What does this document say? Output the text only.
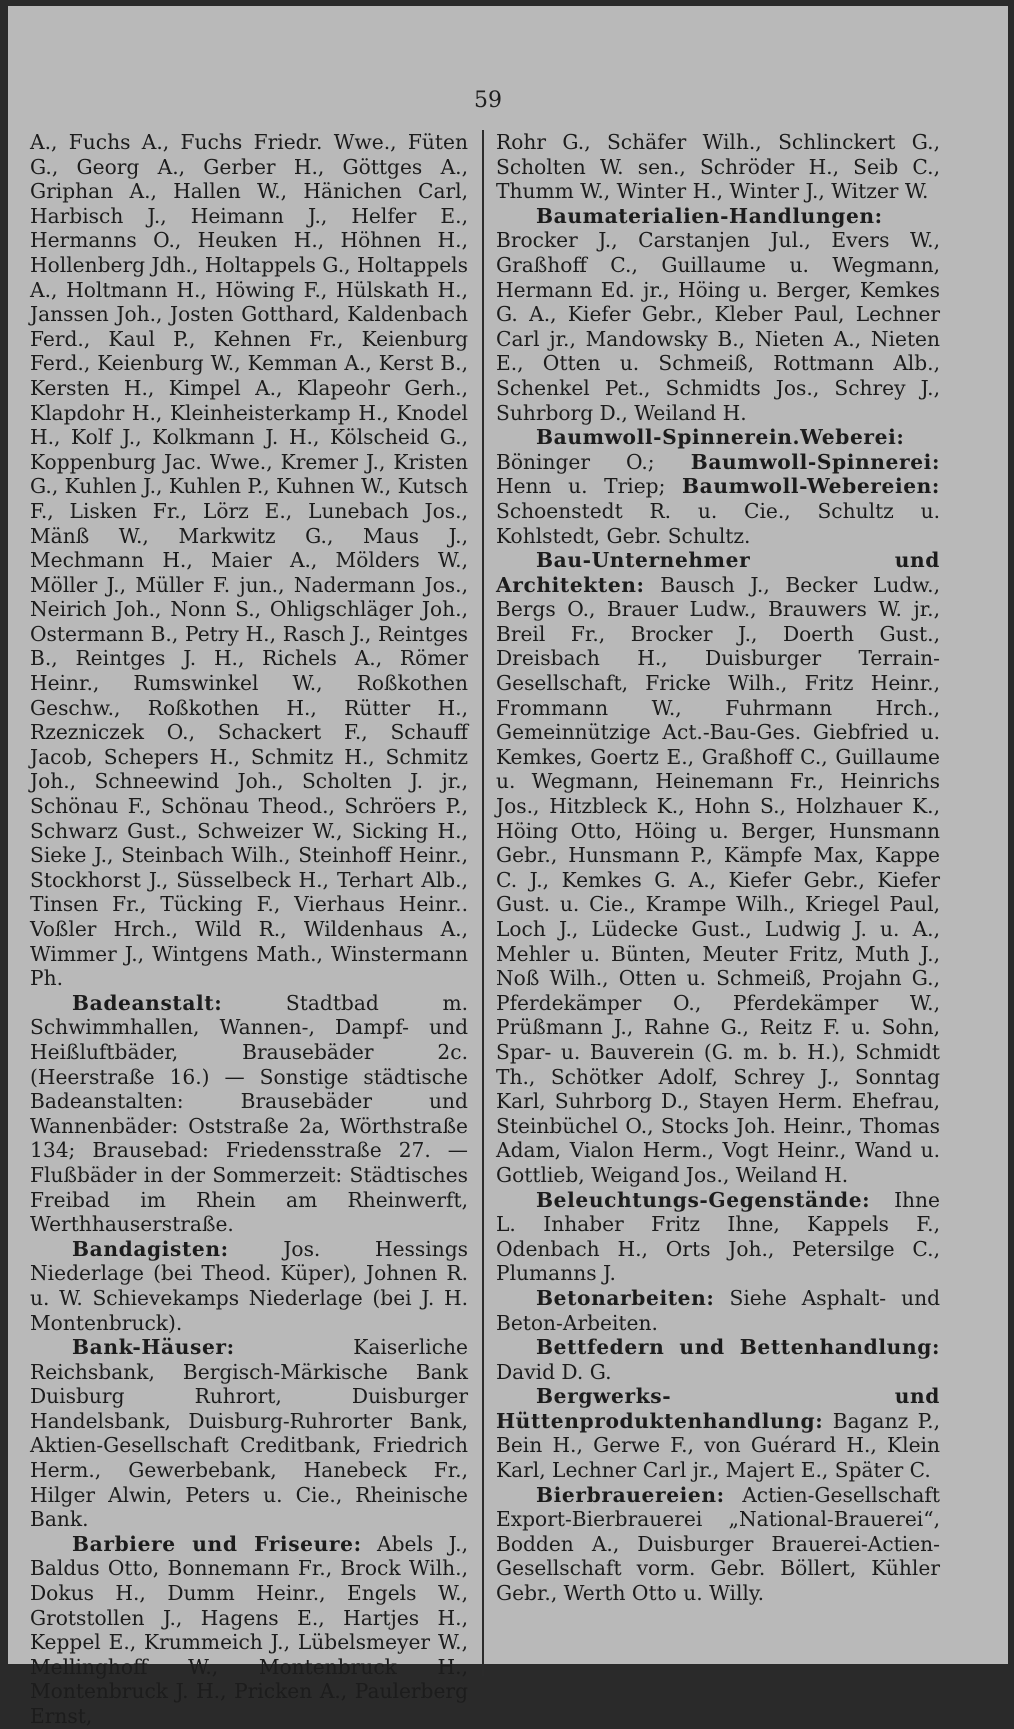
59

A., Fuchs A., Fuchs Friedr. Wwe., Füten G., Georg A., Gerber H., Göttges A., Griphan A., Hallen W., Hänichen Carl, Harbisch J., Heimann J., Helfer E., Hermanns O., Heuken H., Höhnen H., Hollenberg Jdh., Holtappels G., Holtappels A., Holtmann H., Höwing F., Hülskath H., Janssen Joh., Josten Gotthard, Kaldenbach Ferd., Kaul P., Kehnen Fr., Keienburg Ferd., Keienburg W., Kemman A., Kerst B., Kersten H., Kimpel A., Klapeohr Gerh., Klapdohr H., Kleinheisterkamp H., Knodel H., Kolf J., Kolkmann J. H., Kölscheid G., Koppenburg Jac. Wwe., Kremer J., Kristen G., Kuhlen J., Kuhlen P., Kuhnen W., Kutsch F., Lisken Fr., Lörz E., Lunebach Jos., Mänß W., Markwitz G., Maus J., Mechmann H., Maier A., Mölders W., Möller J., Müller F. jun., Nadermann Jos., Neirich Joh., Nonn S., Ohligschläger Joh., Ostermann B., Petry H., Rasch J., Reintges B., Reintges J. H., Richels A., Römer Heinr., Rumswinkel W., Roßkothen Geschw., Roßkothen H., Rütter H., Rzezniczek O., Schackert F., Schauff Jacob, Schepers H., Schmitz H., Schmitz Joh., Schneewind Joh., Scholten J. jr., Schönau F., Schönau Theod., Schröers P., Schwarz Gust., Schweizer W., Sicking H., Sieke J., Steinbach Wilh., Steinhoff Heinr., Stockhorst J., Süsselbeck H., Terhart Alb., Tinsen Fr., Tücking F., Vierhaus Heinr.. Voßler Hrch., Wild R., Wildenhaus A., Wimmer J., Wintgens Math., Winstermann Ph.

Badeanstalt:	Stadtbad m. Schwimmhallen, Wannen-, Dampf- und Heißluftbäder, Brausebäder 2c. (Heerstraße 16.) — Sonstige städtische Badeanstalten: Brausebäder und Wannenbäder: Oststraße 2a, Wörthstraße 134; Brausebad: Friedensstraße 27. — Flußbäder in der Sommerzeit: Städtisches Freibad im Rhein am Rheinwerft, Werthhauserstraße.

Bandagisten:	Jos. Hessings Niederlage (bei Theod. Küper), Johnen R. u. W. Schievekamps Niederlage (bei J. H. Montenbruck).

Bank-Häuser:	Kaiserliche Reichsbank, Bergisch-Märkische Bank Duisburg Ruhrort, Duisburger Handelsbank, Duisburg-Ruhrorter Bank, Aktien-Gesellschaft Creditbank, Friedrich Herm., Gewerbebank, Hanebeck Fr., Hilger Alwin, Peters u. Cie., Rheinische Bank.

Barbiere und Friseure: Abels J., Baldus Otto, Bonnemann Fr., Brock Wilh., Dokus H., Dumm Heinr., Engels W., Grotstollen J., Hagens E., Hartjes H., Keppel E., Krummeich J., Lübelsmeyer W., Mellinghoff W., Montenbruck H., Montenbruck J. H., Pricken A., Paulerberg Ernst,

Rohr G., Schäfer Wilh., Schlinckert G., Scholten W. sen., Schröder H., Seib C., Thumm W., Winter H., Winter J., Witzer W.

Baumaterialien-Handlungen: Brocker J., Carstanjen Jul., Evers W., Graßhoff C., Guillaume u. Wegmann, Hermann Ed. jr., Höing u. Berger, Kemkes G. A., Kiefer Gebr., Kleber Paul, Lechner Carl jr., Mandowsky B., Nieten A., Nieten E., Otten u. Schmeiß, Rottmann Alb., Schenkel Pet., Schmidts Jos., Schrey J., Suhrborg D., Weiland H.

Baumwoll-Spinnerein.Weberei: Böninger O.; Baumwoll-Spinnerei: Henn u. Triep; Baumwoll-Webereien: Schoenstedt R. u. Cie., Schultz u. Kohlstedt, Gebr. Schultz.

Bau-Unternehmer und Architekten: Bausch J., Becker Ludw., Bergs O., Brauer Ludw., Brauwers W. jr., Breil Fr., Brocker J., Doerth Gust., Dreisbach H., Duisburger Terrain-Gesellschaft, Fricke Wilh., Fritz Heinr., Frommann W., Fuhrmann Hrch., Gemeinnützige Act.-Bau-Ges. Giebfried u. Kemkes, Goertz E., Graßhoff C., Guillaume u. Wegmann, Heinemann Fr., Heinrichs Jos., Hitzbleck K., Hohn S., Holzhauer K., Höing Otto, Höing u. Berger, Hunsmann Gebr., Hunsmann P., Kämpfe Max, Kappe C. J., Kemkes G. A., Kiefer Gebr., Kiefer Gust. u. Cie., Krampe Wilh., Kriegel Paul, Loch J., Lüdecke Gust., Ludwig J. u. A., Mehler u. Bünten, Meuter Fritz, Muth J., Noß Wilh., Otten u. Schmeiß, Projahn G., Pferdekämper O., Pferdekämper W., Prüßmann J., Rahne G., Reitz F. u. Sohn, Spar- u. Bauverein (G. m. b. H.), Schmidt Th., Schötker Adolf, Schrey J., Sonntag Karl, Suhrborg D., Stayen Herm. Ehefrau, Steinbüchel O., Stocks Joh. Heinr., Thomas Adam, Vialon Herm., Vogt Heinr., Wand u. Gottlieb, Weigand Jos., Weiland H.

Beleuchtungs-Gegenstände: Ihne L. Inhaber Fritz Ihne, Kappels F., Odenbach H., Orts Joh., Petersilge C., Plumanns J.

Betonarbeiten: Siehe Asphalt- und Beton-Arbeiten.

Bettfedern und Bettenhandlung: David D. G.

Bergwerks- und Hüttenproduktenhandlung: Baganz P., Bein H., Gerwe F., von Guérard H., Klein Karl, Lechner Carl jr., Majert E., Später C.

Bierbrauereien: Actien-Gesellschaft Export-Bierbrauerei „National-Brauerei“, Bodden A., Duisburger Brauerei-Actien-Gesellschaft vorm. Gebr. Böllert, Kühler Gebr., Werth Otto u. Willy.
